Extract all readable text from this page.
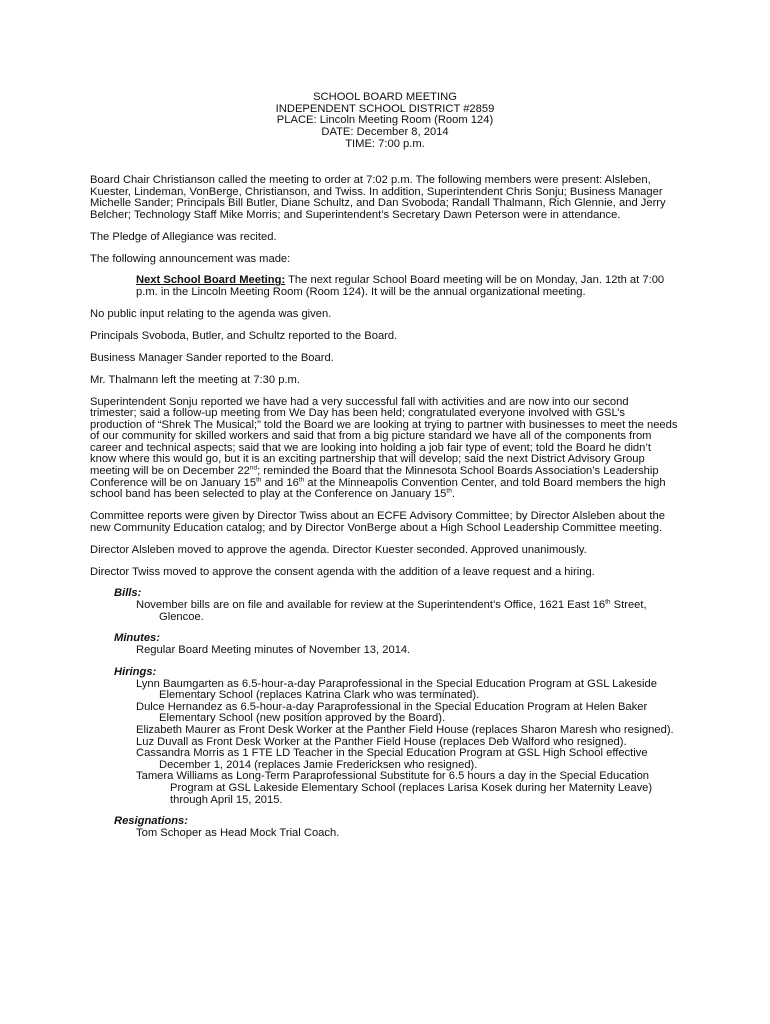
SCHOOL BOARD MEETING
INDEPENDENT SCHOOL DISTRICT #2859
PLACE: Lincoln Meeting Room (Room 124)
DATE: December 8, 2014
TIME: 7:00 p.m.

Board Chair Christianson called the meeting to order at 7:02 p.m. The following members were present: Alsleben, Kuester, Lindeman, VonBerge, Christianson, and Twiss. In addition, Superintendent Chris Sonju; Business Manager Michelle Sander; Principals Bill Butler, Diane Schultz, and Dan Svoboda; Randall Thalmann, Rich Glennie, and Jerry Belcher; Technology Staff Mike Morris; and Superintendent’s Secretary Dawn Peterson were in attendance.

The Pledge of Allegiance was recited.

The following announcement was made:

Next School Board Meeting: The next regular School Board meeting will be on Monday, Jan. 12th at 7:00 p.m. in the Lincoln Meeting Room (Room 124). It will be the annual organizational meeting.

No public input relating to the agenda was given.

Principals Svoboda, Butler, and Schultz reported to the Board.

Business Manager Sander reported to the Board.

Mr. Thalmann left the meeting at 7:30 p.m.

Superintendent Sonju reported we have had a very successful fall with activities and are now into our second trimester; said a follow-up meeting from We Day has been held; congratulated everyone involved with GSL’s production of “Shrek The Musical;” told the Board we are looking at trying to partner with businesses to meet the needs of our community for skilled workers and said that from a big picture standard we have all of the components from career and technical aspects; said that we are looking into holding a job fair type of event; told the Board he didn’t know where this would go, but it is an exciting partnership that will develop; said the next District Advisory Group meeting will be on December 22nd; reminded the Board that the Minnesota School Boards Association’s Leadership Conference will be on January 15th and 16th at the Minneapolis Convention Center, and told Board members the high school band has been selected to play at the Conference on January 15th.

Committee reports were given by Director Twiss about an ECFE Advisory Committee; by Director Alsleben about the new Community Education catalog; and by Director VonBerge about a High School Leadership Committee meeting.

Director Alsleben moved to approve the agenda. Director Kuester seconded. Approved unanimously.

Director Twiss moved to approve the consent agenda with the addition of a leave request and a hiring.

Bills:
November bills are on file and available for review at the Superintendent’s Office, 1621 East 16th Street, Glencoe.
Minutes:
Regular Board Meeting minutes of November 13, 2014.
Hirings:
Lynn Baumgarten as 6.5-hour-a-day Paraprofessional in the Special Education Program at GSL Lakeside Elementary School (replaces Katrina Clark who was terminated).
Dulce Hernandez as 6.5-hour-a-day Paraprofessional in the Special Education Program at Helen Baker Elementary School (new position approved by the Board).
Elizabeth Maurer as Front Desk Worker at the Panther Field House (replaces Sharon Maresh who resigned).
Luz Duvall as Front Desk Worker at the Panther Field House (replaces Deb Walford who resigned).
Cassandra Morris as 1 FTE LD Teacher in the Special Education Program at GSL High School effective December 1, 2014 (replaces Jamie Fredericksen who resigned).
Tamera Williams as Long-Term Paraprofessional Substitute for 6.5 hours a day in the Special Education Program at GSL Lakeside Elementary School (replaces Larisa Kosek during her Maternity Leave) through April 15, 2015.
Resignations:
Tom Schoper as Head Mock Trial Coach.
